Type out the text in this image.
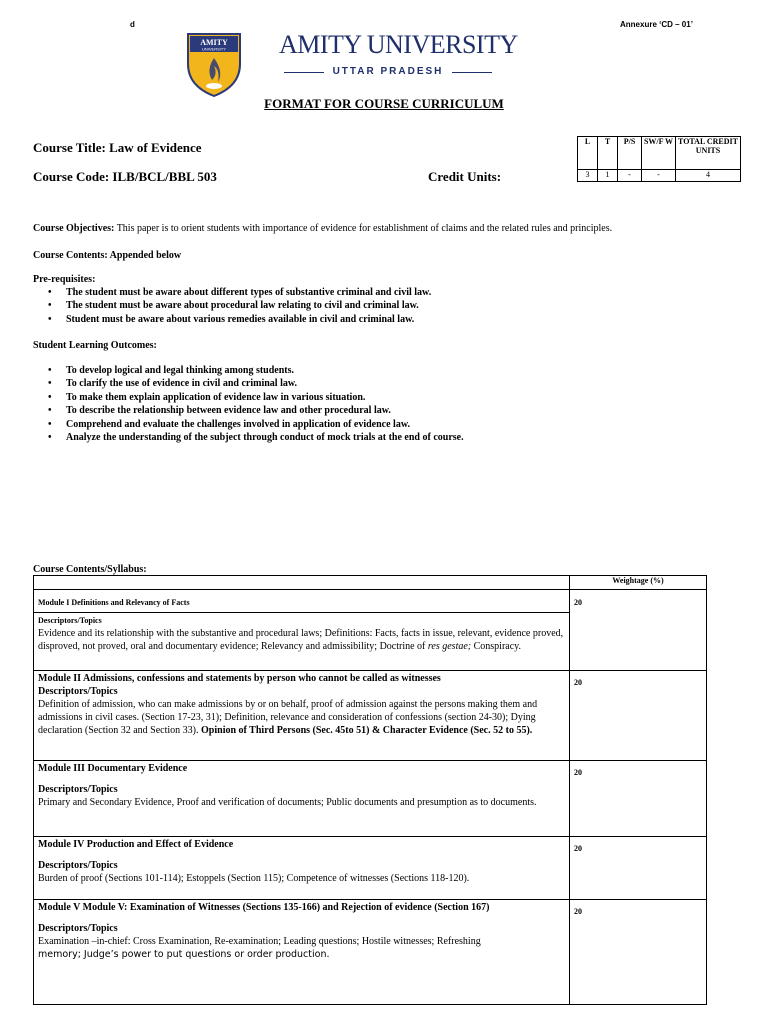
d	Annexure ‘CD – 01’
AMITY
UNIVERSITY AMITY UNIVERSITY
UTTAR PRADESH
FORMAT FOR COURSE CURRICULUM
Course Title: Law of Evidence
Course Code: ILB/BCL/BBL 503	Credit Units:
L	T	P/S	SW/F W	TOTAL CREDIT UNITS
3	1	-	-	4
Course Objectives: This paper is to orient students with importance of evidence for establishment of claims and the related rules and principles.
Course Contents: Appended below
Pre-requisites:
• The student must be aware about different types of substantive criminal and civil law.
• The student must be aware about procedural law relating to civil and criminal law.
• Student must be aware about various remedies available in civil and criminal law.
Student Learning Outcomes:
• To develop logical and legal thinking among students.
• To clarify the use of evidence in civil and criminal law.
• To make them explain application of evidence law in various situation.
• To describe the relationship between evidence law and other procedural law.
• Comprehend and evaluate the challenges involved in application of evidence law.
• Analyze the understanding of the subject through conduct of mock trials at the end of course.
Course Contents/Syllabus:
	Weightage (%)
Module I Definitions and Relevancy of Facts	20

Descriptors/Topics
Evidence and its relationship with the substantive and procedural laws; Definitions: Facts, facts in issue, relevant, evidence proved, disproved, not proved, oral and documentary evidence; Relevancy and admissibility; Doctrine of res gestae; Conspiracy.	

Module II Admissions, confessions and statements by person who cannot be called as witnesses
Descriptors/Topics
Definition of admission, who can make admissions by or on behalf, proof of admission against the persons making them and admissions in civil cases. (Section 17-23, 31); Definition, relevance and consideration of confessions (section 24-30); Dying declaration (Section 32 and Section 33). Opinion of Third Persons (Sec. 45to 51) & Character Evidence (Sec. 52 to 55).	20

Module III Documentary Evidence
Descriptors/Topics
Primary and Secondary Evidence, Proof and verification of documents; Public documents and presumption as to documents.	20

Module IV Production and Effect of Evidence
Descriptors/Topics
Burden of proof (Sections 101-114); Estoppels (Section 115); Competence of witnesses (Sections 118-120).	20

Module V Module V: Examination of Witnesses (Sections 135-166) and Rejection of evidence (Section 167)
Descriptors/Topics
Examination –in-chief: Cross Examination, Re-examination; Leading questions; Hostile witnesses; Refreshing
memory; Judge’s power to put questions or order production.	20
